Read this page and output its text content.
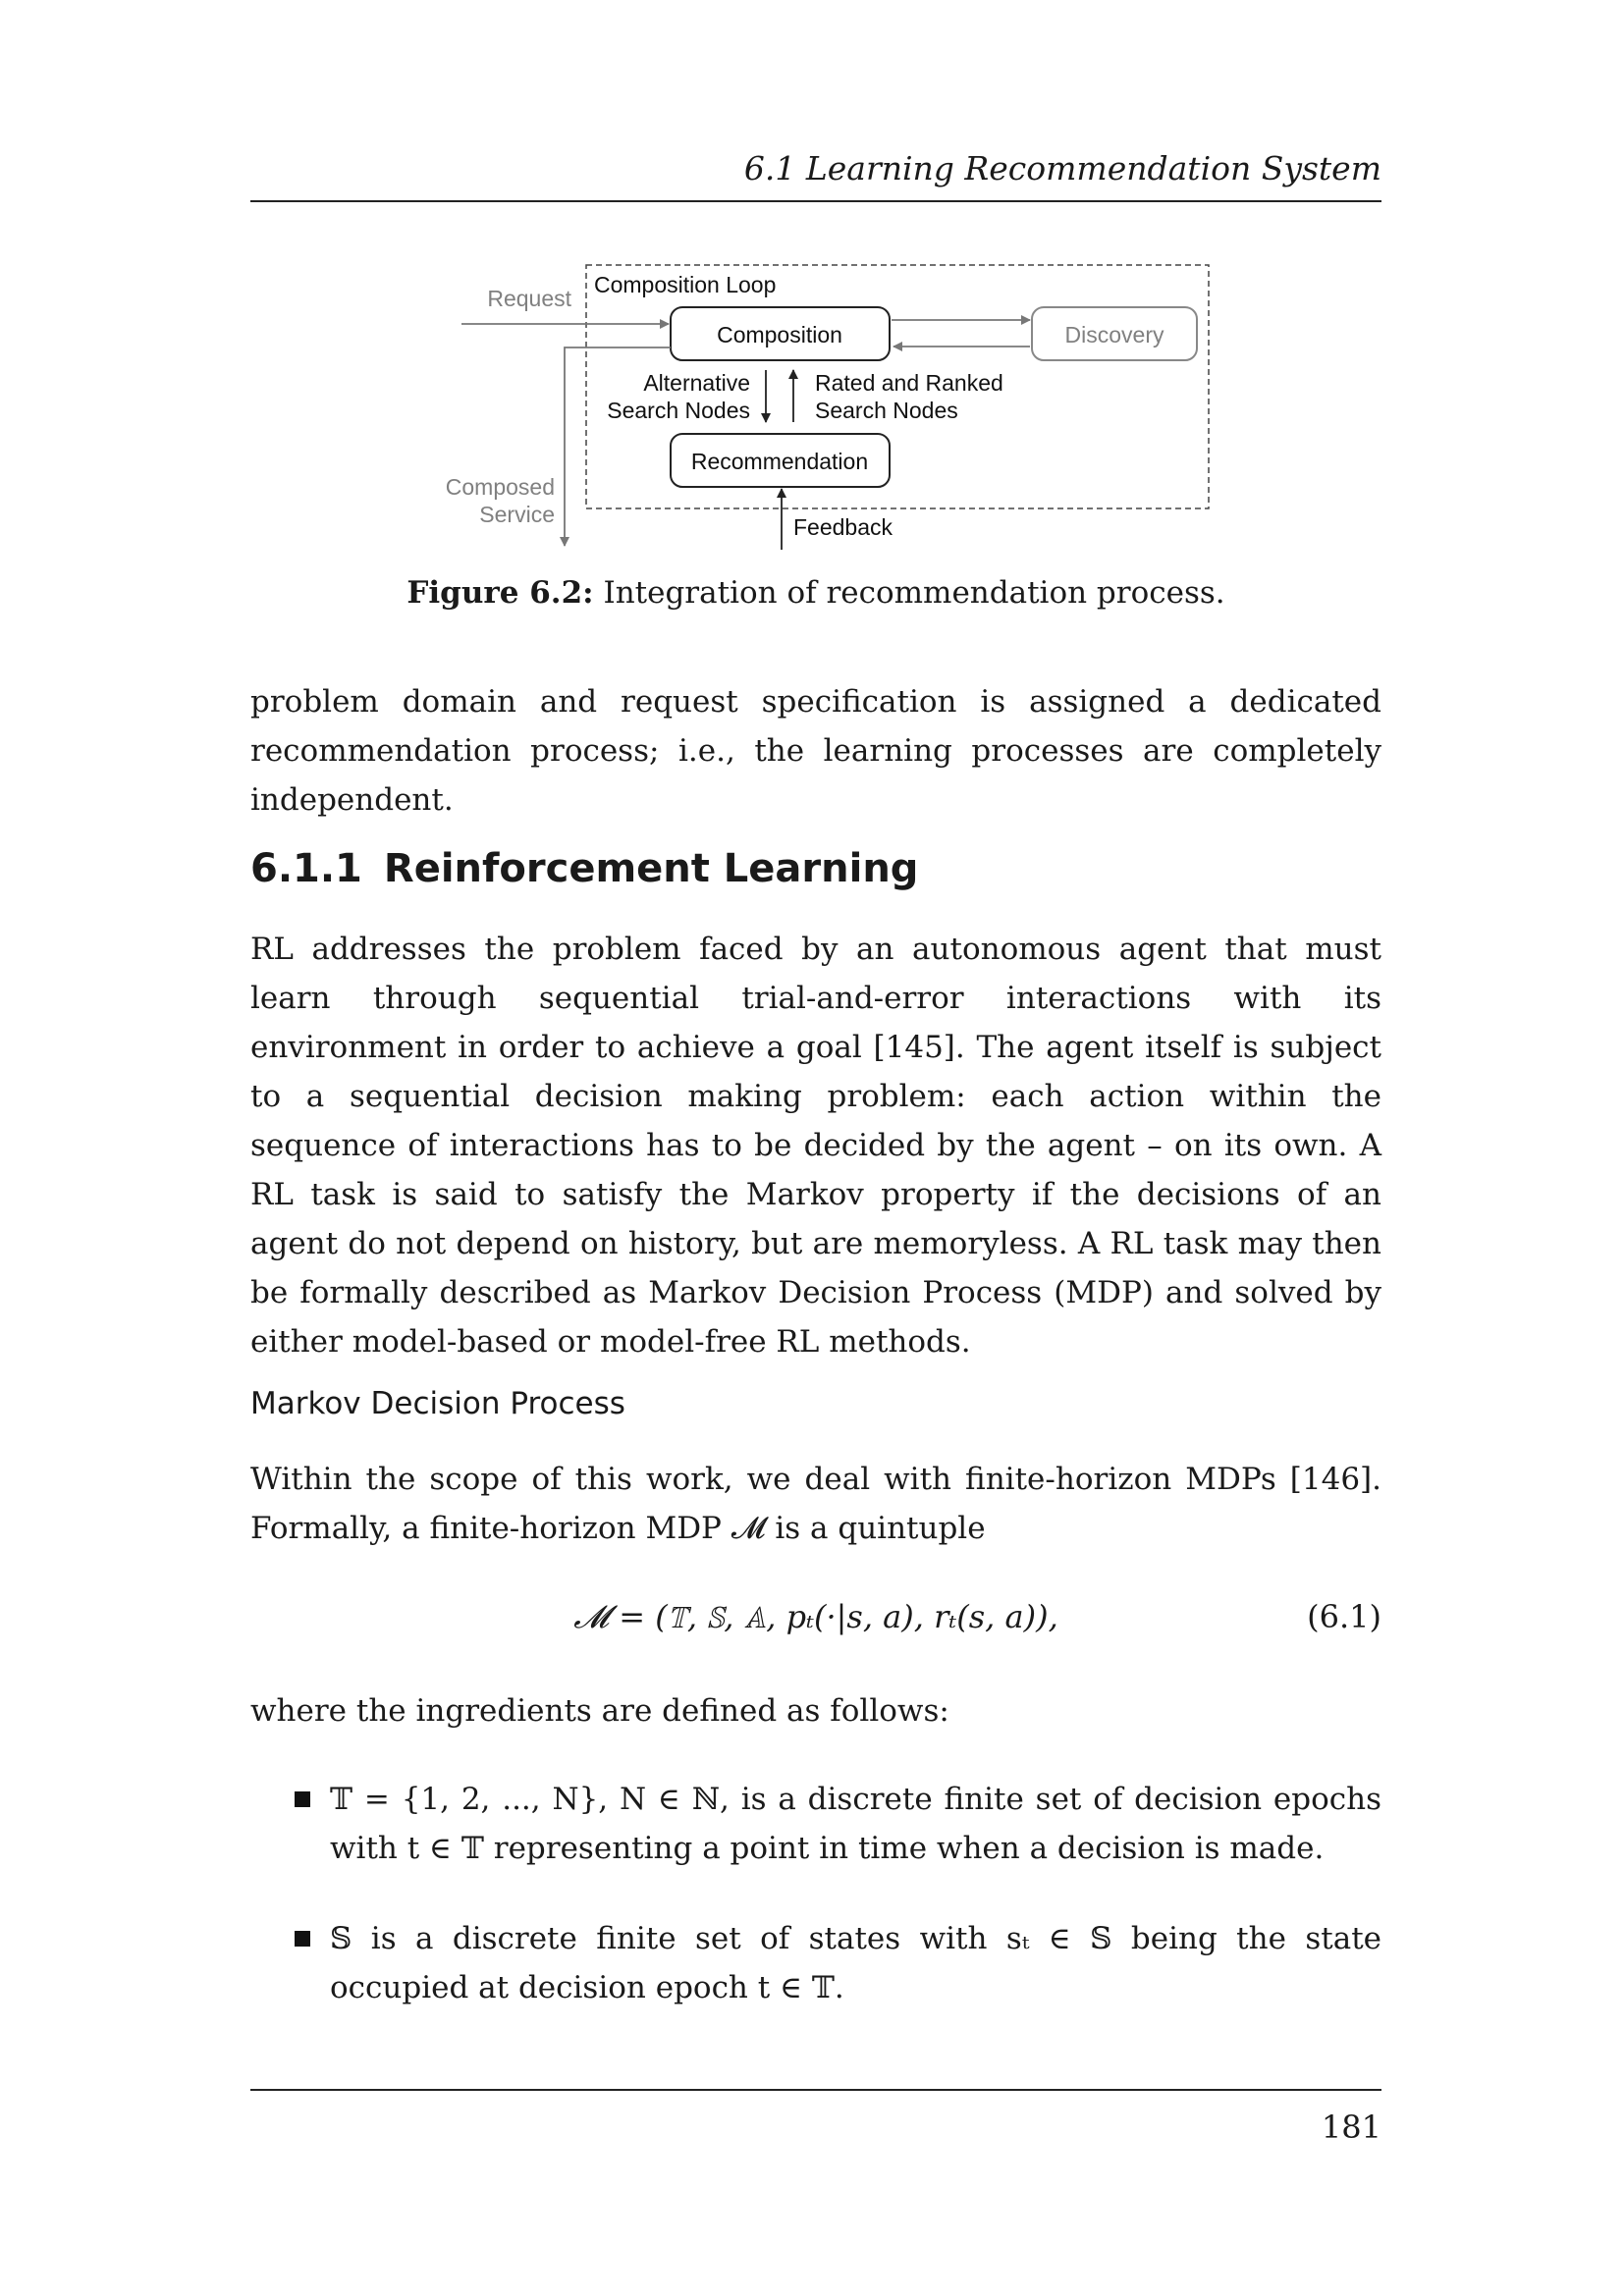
6.1 Learning Recommendation System
Composition Loop
Composition	Discovery
Recommendation
Request
Composed
Service
Alternative
Search Nodes
Rated and Ranked
Search Nodes
Feedback
Figure 6.2: Integration of recommendation process.

problem domain and request specification is assigned a dedicated recommendation process; i.e., the learning processes are completely independent.

6.1.1 Reinforcement Learning

RL addresses the problem faced by an autonomous agent that must learn through sequential trial-and-error interactions with its environment in order to achieve a goal [145]. The agent itself is subject to a sequential decision making problem: each action within the sequence of interactions has to be decided by the agent – on its own. A RL task is said to satisfy the Markov property if the decisions of an agent do not depend on history, but are memoryless. A RL task may then be formally described as Markov Decision Process (MDP) and solved by either model-based or model-free RL methods.

Markov Decision Process

Within the scope of this work, we deal with finite-horizon MDPs [146]. Formally, a finite-horizon MDP 𝓜 is a quintuple

𝓜 = (𝕋, 𝕊, 𝔸, pₜ(·|s, a), rₜ(s, a)),	(6.1)

where the ingredients are defined as follows:

𝕋 = {1, 2, ..., N}, N ∈ ℕ, is a discrete finite set of decision epochs with t ∈ 𝕋 representing a point in time when a decision is made.

𝕊 is a discrete finite set of states with sₜ ∈ 𝕊 being the state occupied at decision epoch t ∈ 𝕋.

181
